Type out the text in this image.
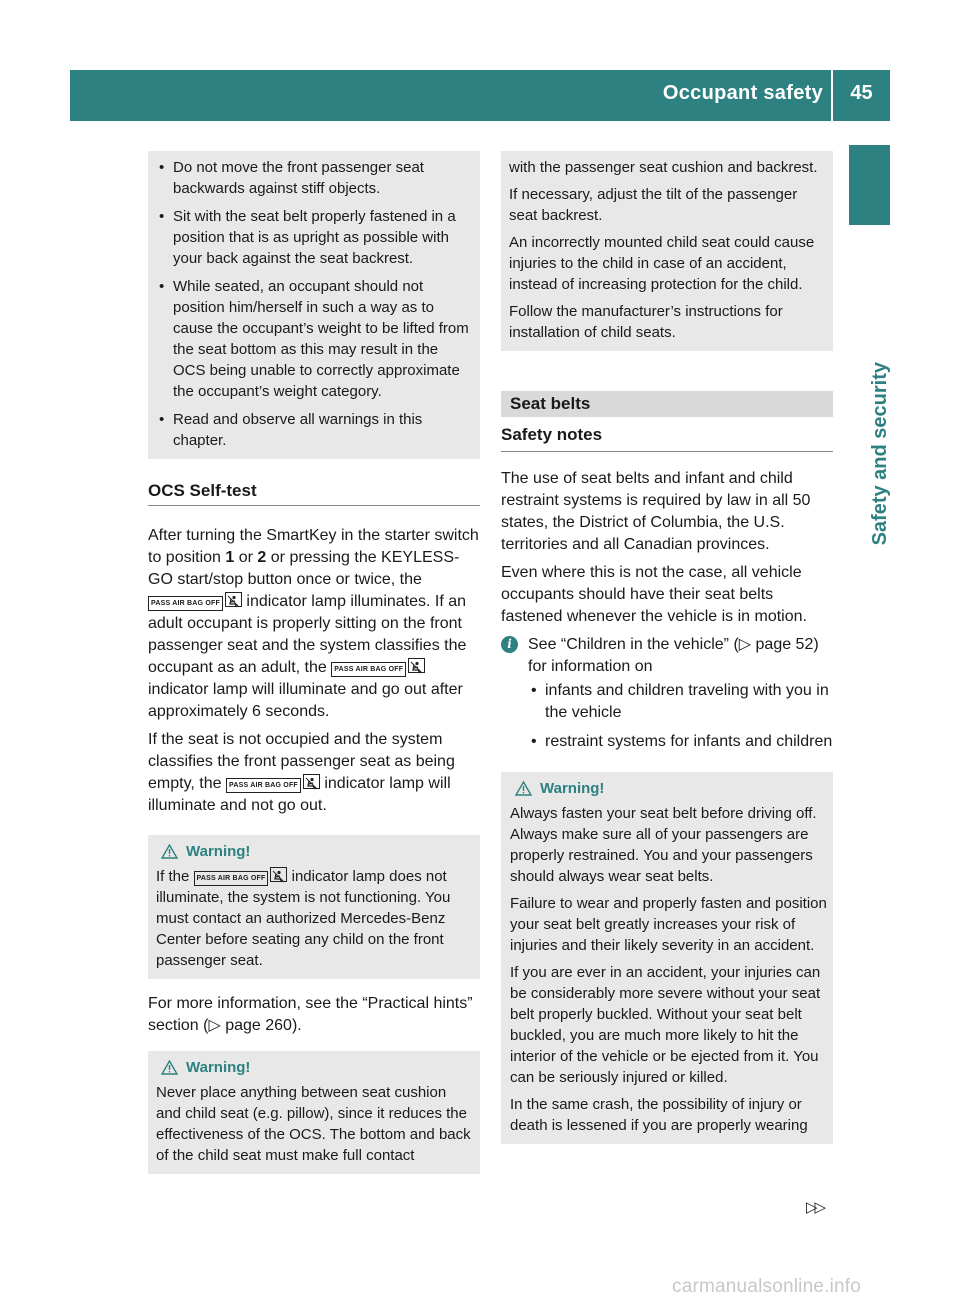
Occupant safety	45
Safety and security
• Do not move the front passenger seat backwards against stiff objects.
• Sit with the seat belt properly fastened in a position that is as upright as possible with your back against the seat backrest.
• While seated, an occupant should not position him/herself in such a way as to cause the occupant’s weight to be lifted from the seat bottom as this may result in the OCS being unable to correctly approximate the occupant’s weight category.
• Read and observe all warnings in this chapter.
OCS Self-test

After turning the SmartKey in the starter switch to position 1 or 2 or pressing the KEYLESS-GO start/stop button once or twice, the PASS AIR BAG OFF indicator lamp illuminates. If an adult occupant is properly sitting on the front passenger seat and the system classifies the occupant as an adult, the PASS AIR BAG OFF indicator lamp will illuminate and go out after approximately 6 seconds.

If the seat is not occupied and the system classifies the front passenger seat as being empty, the PASS AIR BAG OFF indicator lamp will illuminate and not go out.

Warning!

If the PASS AIR BAG OFF indicator lamp does not illuminate, the system is not functioning. You must contact an authorized Mercedes-Benz Center before seating any child on the front passenger seat.

For more information, see the “Practical hints” section (▷ page 260).

Warning!

Never place anything between seat cushion and child seat (e.g. pillow), since it reduces the effectiveness of the OCS. The bottom and back of the child seat must make full contact

with the passenger seat cushion and backrest.

If necessary, adjust the tilt of the passenger seat backrest.

An incorrectly mounted child seat could cause injuries to the child in case of an accident, instead of increasing protection for the child.

Follow the manufacturer’s instructions for installation of child seats.

Seat belts
Safety notes

The use of seat belts and infant and child restraint systems is required by law in all 50 states, the District of Columbia, the U.S. territories and all Canadian provinces.

Even where this is not the case, all vehicle occupants should have their seat belts fastened whenever the vehicle is in motion.

i	See “Children in the vehicle” (▷ page 52) for information on
• infants and children traveling with you in the vehicle
• restraint systems for infants and children
Warning!

Always fasten your seat belt before driving off. Always make sure all of your passengers are properly restrained. You and your passengers should always wear seat belts.

Failure to wear and properly fasten and position your seat belt greatly increases your risk of injuries and their likely severity in an accident.

If you are ever in an accident, your injuries can be considerably more severe without your seat belt properly buckled. Without your seat belt buckled, you are much more likely to hit the interior of the vehicle or be ejected from it. You can be seriously injured or killed.

In the same crash, the possibility of injury or death is lessened if you are properly wearing

▷▷
carmanualsonline.info
